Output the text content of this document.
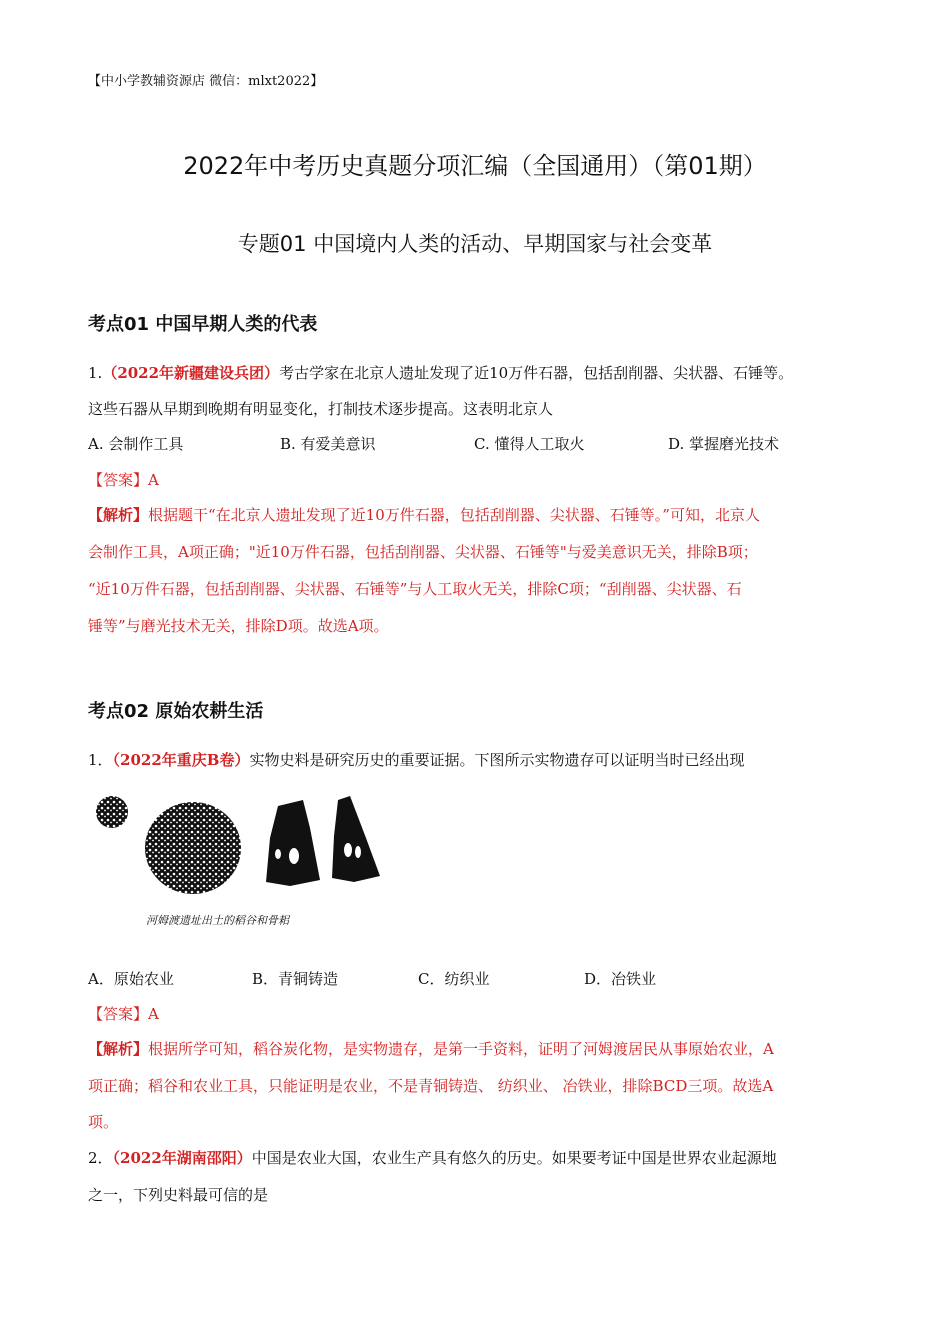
【中小学教辅资源店 微信：mlxt2022】
2022年中考历史真题分项汇编（全国通用）（第01期）
专题01 中国境内人类的活动、早期国家与社会变革
考点01 中国早期人类的代表
1.（2022年新疆建设兵团）考古学家在北京人遗址发现了近10万件石器，包括刮削器、尖状器、石锤等。
这些石器从早期到晚期有明显变化，打制技术逐步提高。这表明北京人
A. 会制作工具	B. 有爱美意识	C. 懂得人工取火	D. 掌握磨光技术
【答案】A
【解析】根据题干“在北京人遗址发现了近10万件石器，包括刮削器、尖状器、石锤等。”可知，北京人
会制作工具，A项正确；"近10万件石器，包括刮削器、尖状器、石锤等"与爱美意识无关，排除B项；
“近10万件石器，包括刮削器、尖状器、石锤等”与人工取火无关，排除C项；“刮削器、尖状器、石
锤等”与磨光技术无关，排除D项。故选A项。
考点02 原始农耕生活
1．（2022年重庆B卷）实物史料是研究历史的重要证据。下图所示实物遗存可以证明当时已经出现
河姆渡遗址出土的稻谷和骨耜
A．原始农业	B．青铜铸造	C．纺织业	D．冶铁业
【答案】A
【解析】根据所学可知，稻谷炭化物，是实物遗存，是第一手资料，证明了河姆渡居民从事原始农业，A
项正确；稻谷和农业工具，只能证明是农业，不是青铜铸造、 纺织业、 冶铁业，排除BCD三项。故选A
项。
2．（2022年湖南邵阳）中国是农业大国，农业生产具有悠久的历史。如果要考证中国是世界农业起源地
之一，下列史料最可信的是
